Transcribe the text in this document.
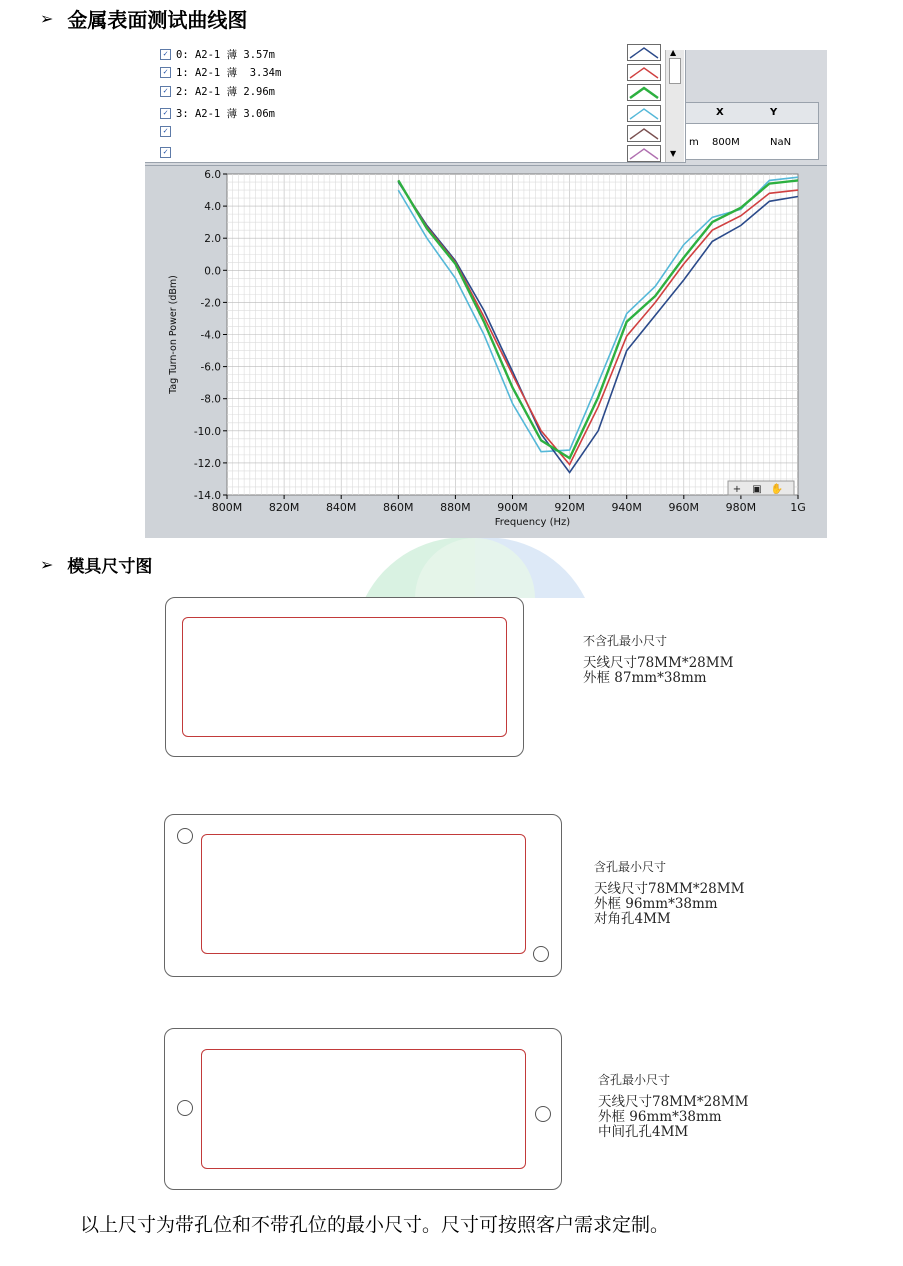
➢ 金属表面测试曲线图
✓ 0: A2-1 薄 3.57m
✓ 1: A2-1 薄  3.34m
✓ 2: A2-1 薄 2.96m
✓ 3: A2-1 薄 3.06m
✓
✓
▲
▼
X	Y
m 800M	NaN
6.0
4.0
2.0
0.0
-2.0
-4.0
-6.0
-8.0
-10.0
-12.0
-14.0
800M 820M 840M 860M 880M 900M 920M 940M 960M 980M	1G
Frequency (Hz)
Tag Turn-on Power (dBm)
+ ▣ ✋
➢ 模具尺寸图
不含孔最小尺寸
天线尺寸78MM*28MM
外框 87mm*38mm
含孔最小尺寸
天线尺寸78MM*28MM
外框 96mm*38mm
对角孔4MM
含孔最小尺寸
天线尺寸78MM*28MM
外框 96mm*38mm
中间孔孔4MM
以上尺寸为带孔位和不带孔位的最小尺寸。尺寸可按照客户需求定制。
